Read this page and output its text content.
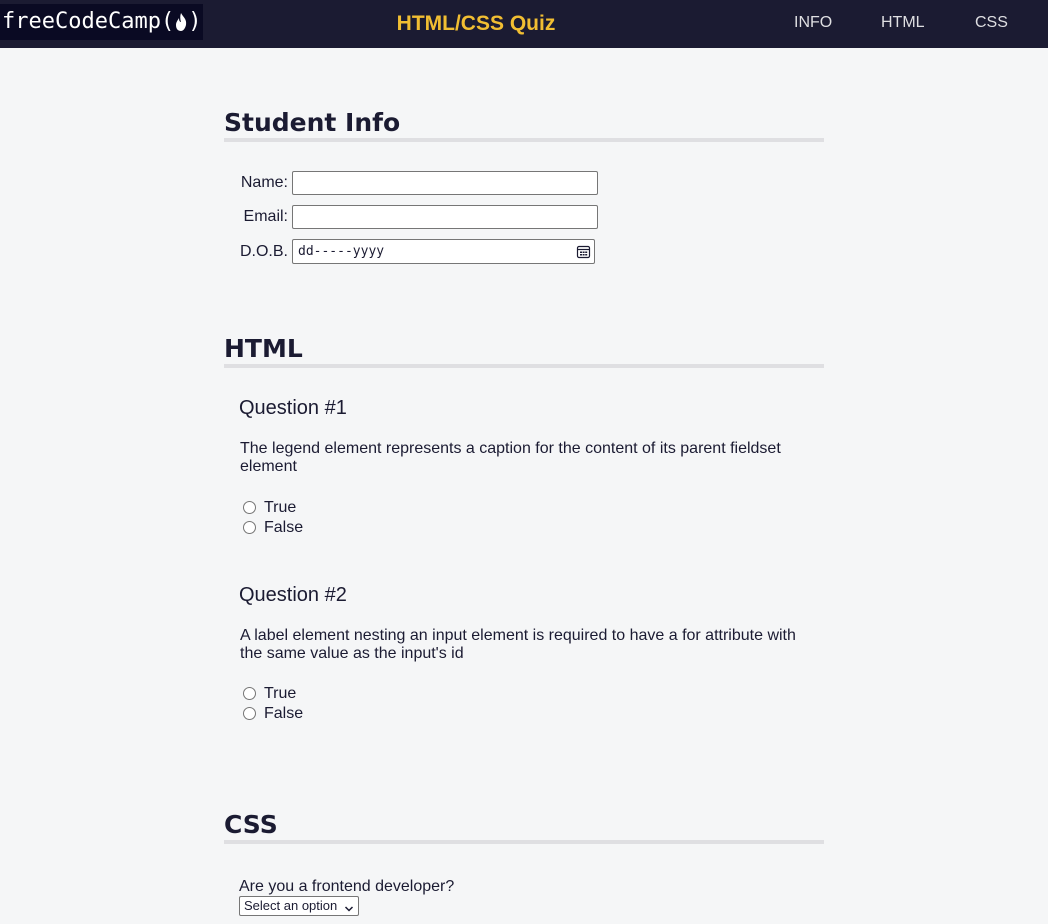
freeCodeCamp( )	HTML/CSS Quiz	INFO	HTML	CSS
Student Info
Name:
Email:
D.O.B. dd-----yyyy
HTML
Question #1

The legend element represents a caption for the content of its parent fieldset element

True
False
Question #2

A label element nesting an input element is required to have a for attribute with the same value as the input's id

True
False
CSS
Are you a frontend developer?
Select an option
